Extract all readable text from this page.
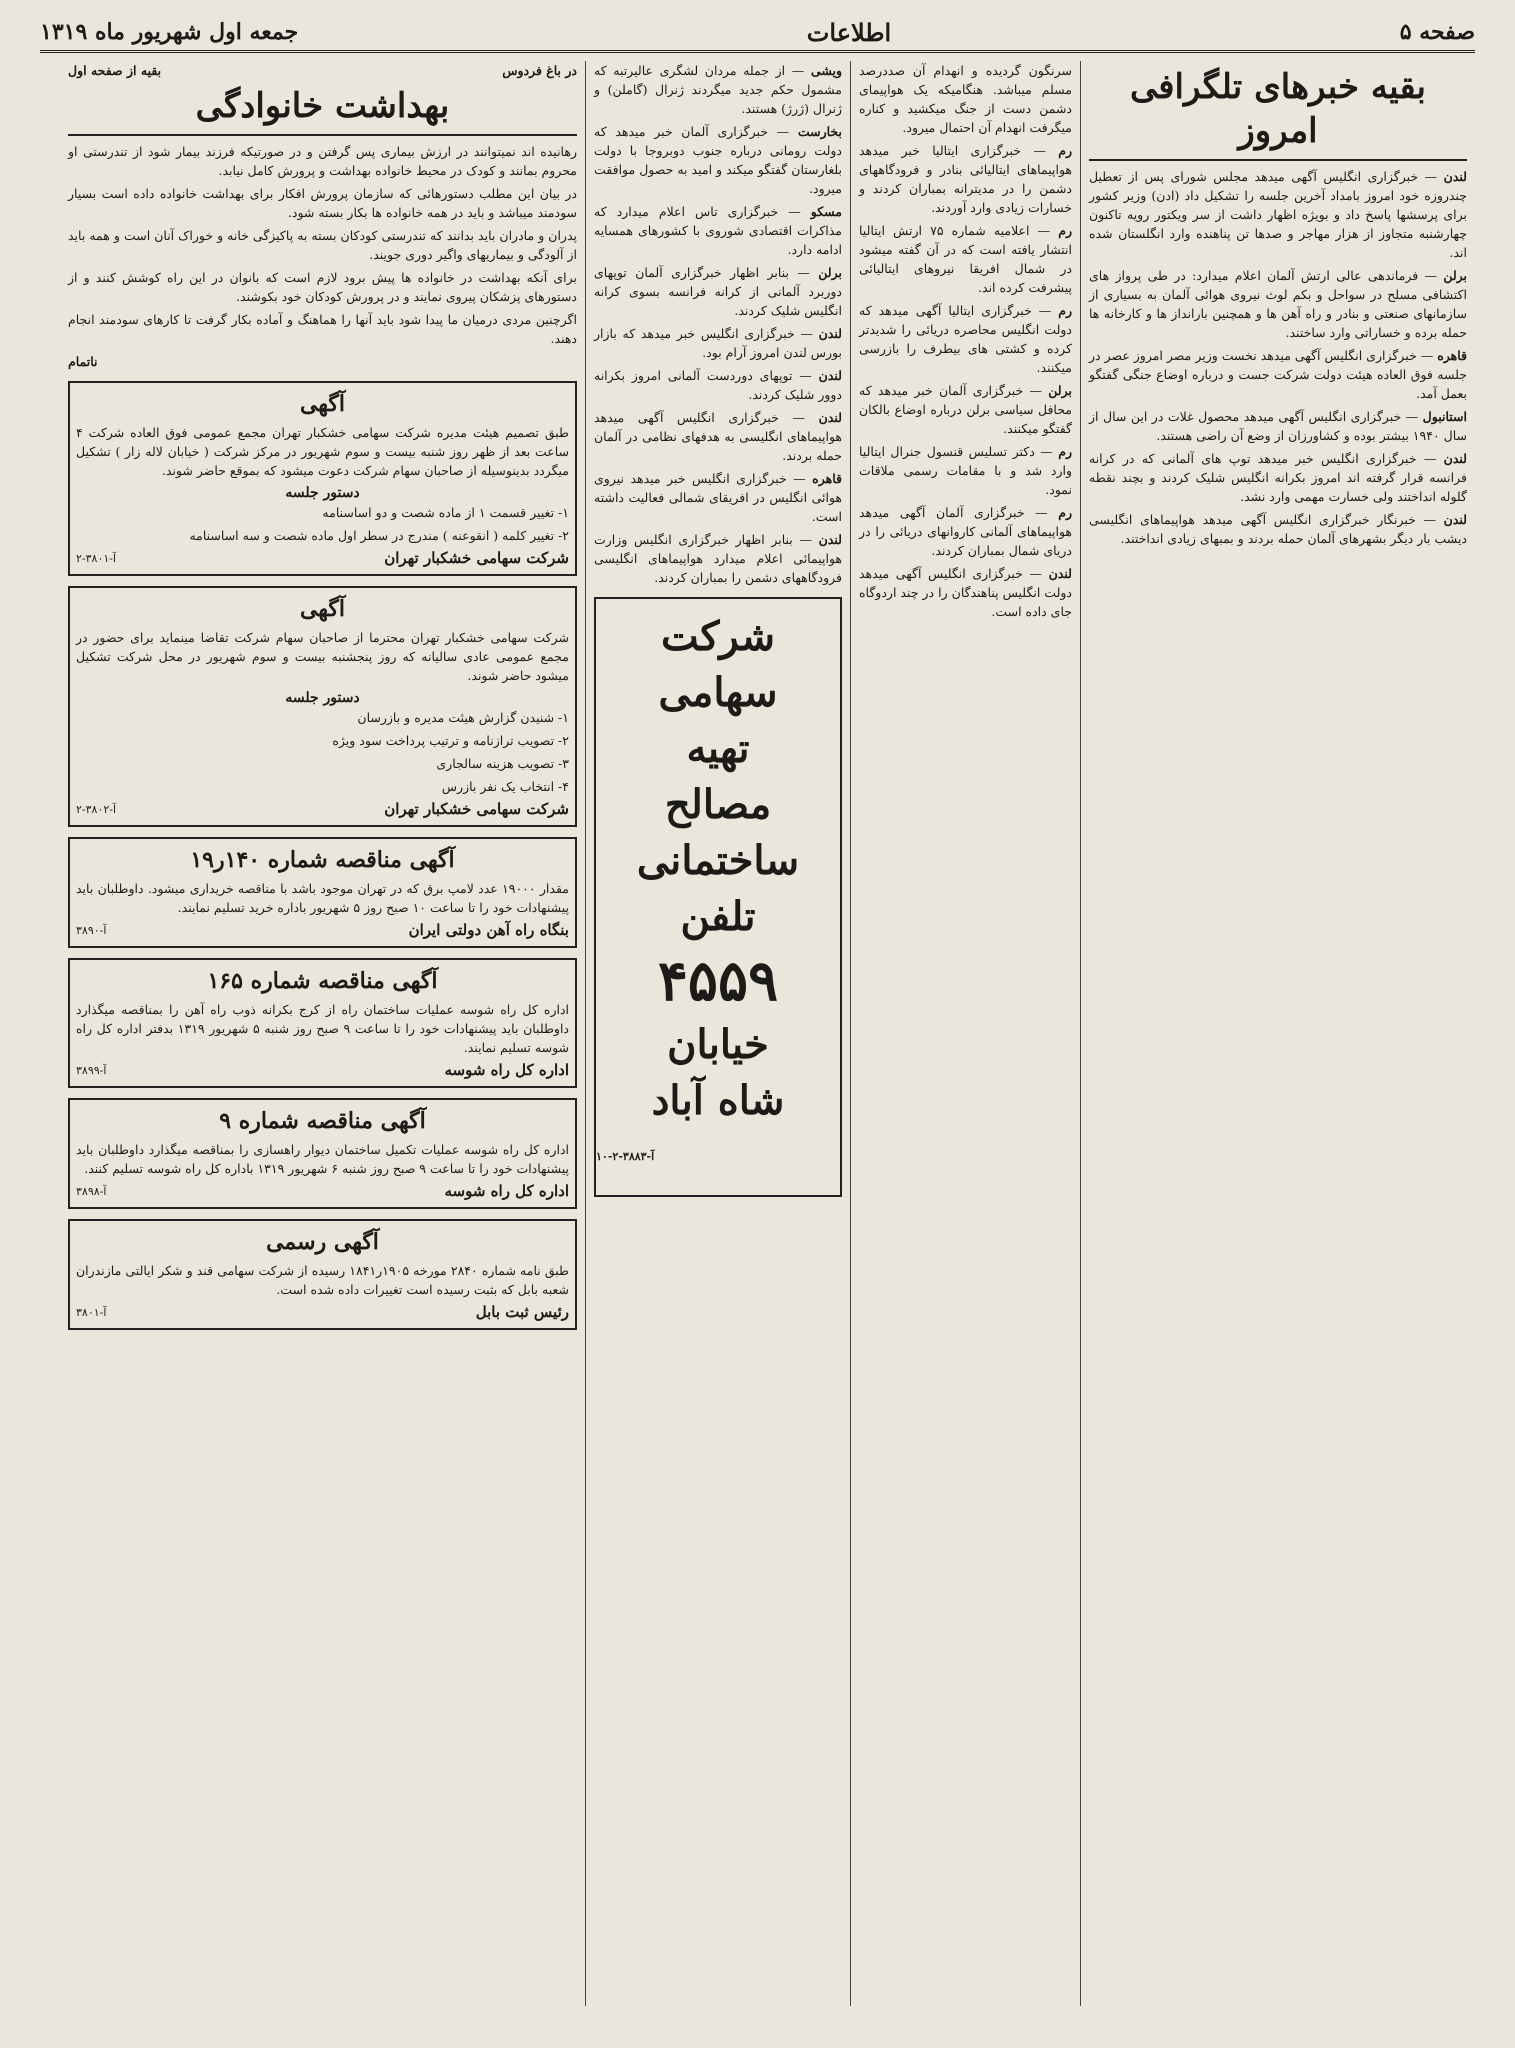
صفحه ۵
اطلاعات
جمعه اول شهریور ماه ۱۳۱۹
بقیه خبرهای تلگرافی امروز

لندن — خبرگزاری انگلیس آگهی میدهد مجلس شورای پس از تعطیل چندروزه خود امروز بامداد آخرین جلسه را تشکیل داد (ادن) وزیر کشور برای پرسشها پاسخ داد و بویژه اظهار داشت از سر ویکتور رویه تاکنون چهارشنبه متجاوز از هزار مهاجر و صدها تن پناهنده وارد انگلستان شده اند.

برلن — فرماندهی عالی ارتش آلمان اعلام میدارد: در طی پرواز های اکتشافی مسلح در سواحل و بکم لوث نیروی هوائی آلمان به بسیاری از سازمانهای صنعتی و بنادر و راه آهن ها و همچنین بارانداز ها و کارخانه ها حمله برده و خساراتی وارد ساختند.

قاهره — خبرگزاری انگلیس آگهی میدهد نخست وزیر مصر امروز عصر در جلسه فوق العاده هیئت دولت شرکت جست و درباره اوضاع جنگی گفتگو بعمل آمد.

استانبول — خبرگزاری انگلیس آگهی میدهد محصول غلات در این سال از سال ۱۹۴۰ بیشتر بوده و کشاورزان از وضع آن راضی هستند.

لندن — خبرگزاری انگلیس خبر میدهد توپ های آلمانی که در کرانه فرانسه قرار گرفته اند امروز بکرانه انگلیس شلیک کردند و بچند نقطه گلوله انداختند ولی خسارت مهمی وارد نشد.

لندن — خبرنگار خبرگزاری انگلیس آگهی میدهد هواپیماهای انگلیسی دیشب بار دیگر بشهرهای آلمان حمله بردند و بمبهای زیادی انداختند.

سرنگون گردیده و انهدام آن صددرصد مسلم میباشد. هنگامیکه یک هواپیمای دشمن دست از جنگ میکشید و کناره میگرفت انهدام آن احتمال میرود.

رم — خبرگزاری ایتالیا خبر میدهد هواپیماهای ایتالیائی بنادر و فرودگاههای دشمن را در مدیترانه بمباران کردند و خسارات زیادی وارد آوردند.

رم — اعلامیه شماره ۷۵ ارتش ایتالیا انتشار یافته است که در آن گفته میشود در شمال افریقا نیروهای ایتالیائی پیشرفت کرده اند.

رم — خبرگزاری ایتالیا آگهی میدهد که دولت انگلیس محاصره دریائی را شدیدتر کرده و کشتی های بیطرف را بازرسی میکنند.

برلن — خبرگزاری آلمان خبر میدهد که محافل سیاسی برلن درباره اوضاع بالکان گفتگو میکنند.

رم — دکتر تسلیس قنسول جنرال ایتالیا وارد شد و با مقامات رسمی ملاقات نمود.

رم — خبرگزاری آلمان آگهی میدهد هواپیماهای آلمانی کاروانهای دریائی را در دریای شمال بمباران کردند.

لندن — خبرگزاری انگلیس آگهی میدهد دولت انگلیس پناهندگان را در چند اردوگاه جای داده است.

ویشی — از جمله مردان لشگری عالیرتبه که مشمول حکم جدید میگردند ژنرال (گاملن) و ژنرال (ژرژ) هستند.

بخارست — خبرگزاری آلمان خبر میدهد که دولت رومانی درباره جنوب دوبروجا با دولت بلغارستان گفتگو میکند و امید به حصول موافقت میرود.

مسکو — خبرگزاری تاس اعلام میدارد که مذاکرات اقتصادی شوروی با کشورهای همسایه ادامه دارد.

برلن — بنابر اظهار خبرگزاری آلمان توپهای دوربرد آلمانی از کرانه فرانسه بسوی کرانه انگلیس شلیک کردند.

لندن — خبرگزاری انگلیس خبر میدهد که بازار بورس لندن امروز آرام بود.

لندن — توپهای دوردست آلمانی امروز بکرانه دوور شلیک کردند.

لندن — خبرگزاری انگلیس آگهی میدهد هواپیماهای انگلیسی به هدفهای نظامی در آلمان حمله بردند.

قاهره — خبرگزاری انگلیس خبر میدهد نیروی هوائی انگلیس در افریقای شمالی فعالیت داشته است.

لندن — بنابر اظهار خبرگزاری انگلیس وزارت هواپیمائی اعلام میدارد هواپیماهای انگلیسی فرودگاههای دشمن را بمباران کردند.

شرکت
سهامی
تهیه
مصالح
ساختمانی
تلفن
۴۵۵۹
خیابان
شاه آباد
آ-۳۸۸۳-۲-۱۰
در باغ فردوس
بقیه از صفحه اول
بهداشت خانوادگی

رهانیده اند نمیتوانند در ارزش بیماری پس گرفتن و در صورتیکه فرزند بیمار شود از تندرستی او محروم بمانند و کودک در محیط خانواده بهداشت و پرورش کامل نیابد.

در بیان این مطلب دستورهائی که سازمان پرورش افکار برای بهداشت خانواده داده است بسیار سودمند میباشد و باید در همه خانواده ها بکار بسته شود.

پدران و مادران باید بدانند که تندرستی کودکان بسته به پاکیزگی خانه و خوراک آنان است و همه باید از آلودگی و بیماریهای واگیر دوری جویند.

برای آنکه بهداشت در خانواده ها پیش برود لازم است که بانوان در این راه کوشش کنند و از دستورهای پزشکان پیروی نمایند و در پرورش کودکان خود بکوشند.

اگرچنین مردی درمیان ما پیدا شود باید آنها را هماهنگ و آماده بکار گرفت تا کارهای سودمند انجام دهند.

ناتمام
آگهی

طبق تصمیم هیئت مدیره شرکت سهامی خشکبار تهران مجمع عمومی فوق العاده شرکت ۴ ساعت بعد از ظهر روز شنبه بیست و سوم شهریور در مرکز شرکت ( خیابان لاله زار ) تشکیل میگردد بدینوسیله از صاحبان سهام شرکت دعوت میشود که بموقع حاضر شوند.

دستور جلسه

۱- تغییر قسمت ۱ از ماده شصت و دو اساسنامه

۲- تغییر کلمه ( انقوعنه ) مندرج در سطر اول ماده شصت و سه اساسنامه

شرکت سهامی خشکبار تهران
آ-۳۸۰۱-۲
آگهی

شرکت سهامی خشکبار تهران محترما از صاحبان سهام شرکت تقاضا مینماید برای حضور در مجمع عمومی عادی سالیانه که روز پنجشنبه بیست و سوم شهریور در محل شرکت تشکیل میشود حاضر شوند.

دستور جلسه

۱- شنیدن گزارش هیئت مدیره و بازرسان

۲- تصویب ترازنامه و ترتیب پرداخت سود ویژه

۳- تصویب هزینه سالجاری

۴- انتخاب یک نفر بازرس

شرکت سهامی خشکبار تهران
آ-۳۸۰۲-۲
آگهی مناقصه شماره ۱۴۰ر۱۹

مقدار ۱۹۰۰۰ عدد لامپ برق که در تهران موجود باشد با مناقصه خریداری میشود. داوطلبان باید پیشنهادات خود را تا ساعت ۱۰ صبح روز ۵ شهریور باداره خرید تسلیم نمایند.

بنگاه راه آهن دولتی ایران
آ-۳۸۹۰
آگهی مناقصه شماره ۱۶۵

اداره کل راه شوسه عملیات ساختمان راه از کرج بکرانه ذوب راه آهن را بمناقصه میگذارد داوطلبان باید پیشنهادات خود را تا ساعت ۹ صبح روز شنبه ۵ شهریور ۱۳۱۹ بدفتر اداره کل راه شوسه تسلیم نمایند.

اداره کل راه شوسه
آ-۳۸۹۹
آگهی مناقصه شماره ۹

اداره کل راه شوسه عملیات تکمیل ساختمان دیوار راهسازی را بمناقصه میگذارد داوطلبان باید پیشنهادات خود را تا ساعت ۹ صبح روز شنبه ۶ شهریور ۱۳۱۹ باداره کل راه شوسه تسلیم کنند.

اداره کل راه شوسه
آ-۳۸۹۸
آگهی رسمی

طبق نامه شماره ۲۸۴۰ مورخه ۱۹۰۵ر۱۸۴۱ رسیده از شرکت سهامی قند و شکر ایالتی مازندران شعبه بابل که بثبت رسیده است تغییرات داده شده است.

رئیس ثبت بابل
آ-۳۸۰۱
